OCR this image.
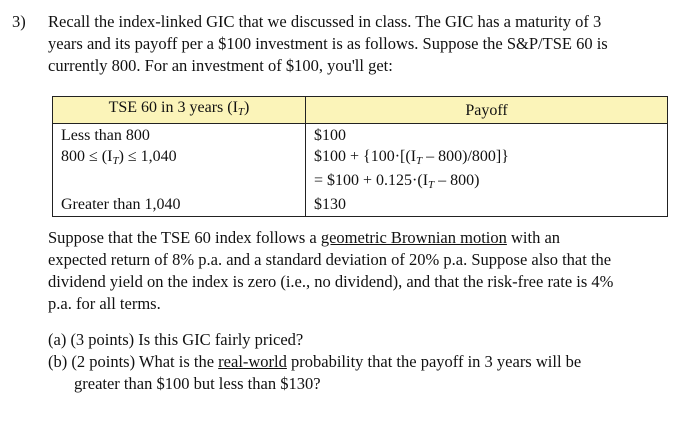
3) Recall the index-linked GIC that we discussed in class. The GIC has a maturity of 3
years and its payoff per a $100 investment is as follows. Suppose the S&P/TSE 60 is
currently 800. For an investment of $100, you'll get:
TSE 60 in 3 years (IT)	Payoff
Less than 800	$100
800 ≤ (IT) ≤ 1,040	$100 + {100·[(IT – 800)/800]}
= $100 + 0.125·(IT – 800)

Greater than 1,040	$130
Suppose that the TSE 60 index follows a geometric Brownian motion with an
expected return of 8% p.a. and a standard deviation of 20% p.a. Suppose also that the
dividend yield on the index is zero (i.e., no dividend), and that the risk-free rate is 4%
p.a. for all terms.
(a) (3 points) Is this GIC fairly priced?
(b) (2 points) What is the real-world probability that the payoff in 3 years will be
greater than $100 but less than $130?
